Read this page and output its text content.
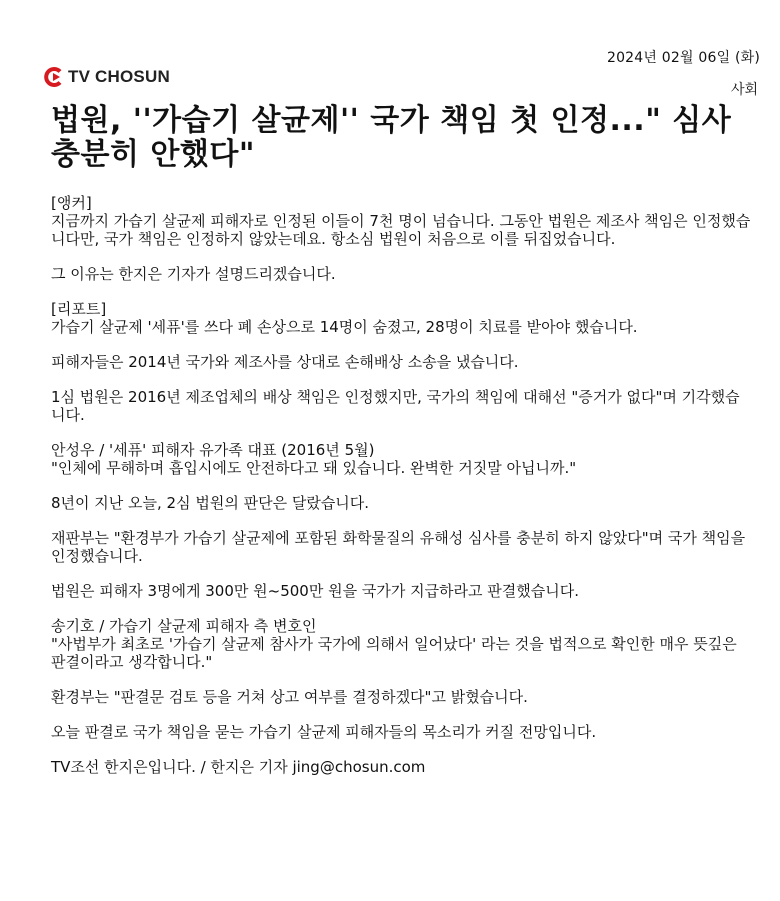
2024년 02월 06일 (화)
TV CHOSUN
사회
법원, ''가습기 살균제'' 국가 책임 첫 인정..." 심사 충분히 안했다"

[앵커]
지금까지 가습기 살균제 피해자로 인정된 이들이 7천 명이 넘습니다. 그동안 법원은 제조사 책임은 인정했습니다만, 국가 책임은 인정하지 않았는데요. 항소심 법원이 처음으로 이를 뒤집었습니다.

그 이유는 한지은 기자가 설명드리겠습니다.

[리포트]
가습기 살균제 '세퓨'를 쓰다 폐 손상으로 14명이 숨졌고, 28명이 치료를 받아야 했습니다.

피해자들은 2014년 국가와 제조사를 상대로 손해배상 소송을 냈습니다.

1심 법원은 2016년 제조업체의 배상 책임은 인정했지만, 국가의 책임에 대해선 "증거가 없다"며 기각했습니다.

안성우 / '세퓨' 피해자 유가족 대표 (2016년 5월)
"인체에 무해하며 흡입시에도 안전하다고 돼 있습니다. 완벽한 거짓말 아닙니까."

8년이 지난 오늘, 2심 법원의 판단은 달랐습니다.

재판부는 "환경부가 가습기 살균제에 포함된 화학물질의 유해성 심사를 충분히 하지 않았다"며 국가 책임을 인정했습니다.

법원은 피해자 3명에게 300만 원~500만 원을 국가가 지급하라고 판결했습니다.

송기호 / 가습기 살균제 피해자 측 변호인
"사법부가 최초로 '가습기 살균제 참사가 국가에 의해서 일어났다' 라는 것을 법적으로 확인한 매우 뜻깊은 판결이라고 생각합니다."

환경부는 "판결문 검토 등을 거쳐 상고 여부를 결정하겠다"고 밝혔습니다.

오늘 판결로 국가 책임을 묻는 가습기 살균제 피해자들의 목소리가 커질 전망입니다.

TV조선 한지은입니다. / 한지은 기자 jing@chosun.com
